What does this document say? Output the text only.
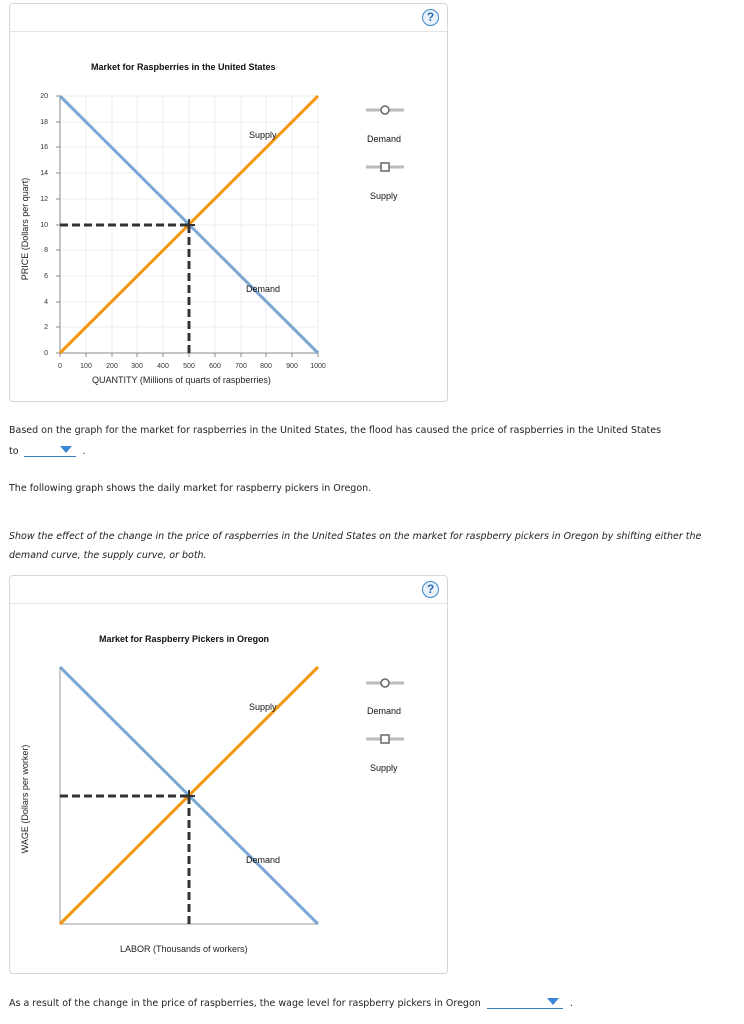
?
Market for Raspberries in the United States
PRICE (Dollars per quart)
0
2
4
6
8
10
12
14
16
18
20
0	100 200 300 400 500 600 700 800 900 1000
Supply
Demand
QUANTITY (Millions of quarts of raspberries)
Demand
Supply
Based on the graph for the market for raspberries in the United States, the flood has caused the price of raspberries in the United States
to	.
The following graph shows the daily market for raspberry pickers in Oregon.
Show the effect of the change in the price of raspberries in the United States on the market for raspberry pickers in Oregon by shifting either the
demand curve, the supply curve, or both.
?
Market for Raspberry Pickers in Oregon
WAGE (Dollars per worker)
Supply
Demand
LABOR (Thousands of workers)
Demand
Supply
As a result of the change in the price of raspberries, the wage level for raspberry pickers in Oregon	.
